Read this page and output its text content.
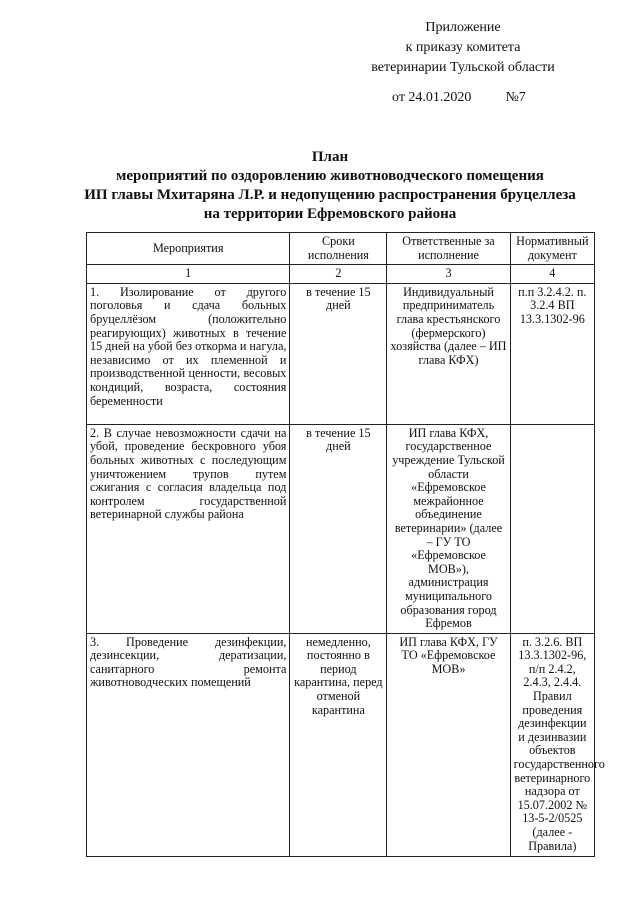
Приложение
к приказу комитета
ветеринарии Тульской области
от 24.01.2020 №7
План
мероприятий по оздоровлению животноводческого помещения
ИП главы Мхитаряна Л.Р. и недопущению распространения бруцеллеза
на территории Ефремовского района
Мероприятия	Сроки исполнения	Ответственные за исполнение	Нормативный документ
1	2	3	4
1. Изолирование от другого поголовья и сдача больных бруцеллёзом (положительно реагирующих) животных в течение 15 дней на убой без откорма и нагула, независимо от их племенной и производственной ценности, весовых кондиций, возраста, состояния беременности	в течение 15 дней	Индивидуальный предприниматель глава крестьянского (фермерского) хозяйства (далее – ИП глава КФХ)	п.п 3.2.4.2. п. 3.2.4 ВП 13.3.1302-96
2. В случае невозможности сдачи на убой, проведение бескровного убоя больных животных с последующим уничтожением трупов путем сжигания с согласия владельца под контролем государственной ветеринарной службы района	в течение 15 дней	ИП глава КФХ, государственное учреждение Тульской области «Ефремовское межрайонное объединение ветеринарии» (далее – ГУ ТО «Ефремовское МОВ»), администрация муниципального образования город Ефремов	
3. Проведение дезинфекции, дезинсекции, дератизации, санитарного ремонта животноводческих помещений	немедленно, постоянно в период карантина, перед отменой карантина	ИП глава КФХ, ГУ ТО «Ефремовское МОВ»	п. 3.2.6. ВП 13.3.1302-96, п/п 2.4.2, 2.4.3, 2.4.4. Правил проведения дезинфекции и дезинвазии объектов государственного ветеринарного надзора от 15.07.2002 № 13-5-2/0525 (далее - Правила)
